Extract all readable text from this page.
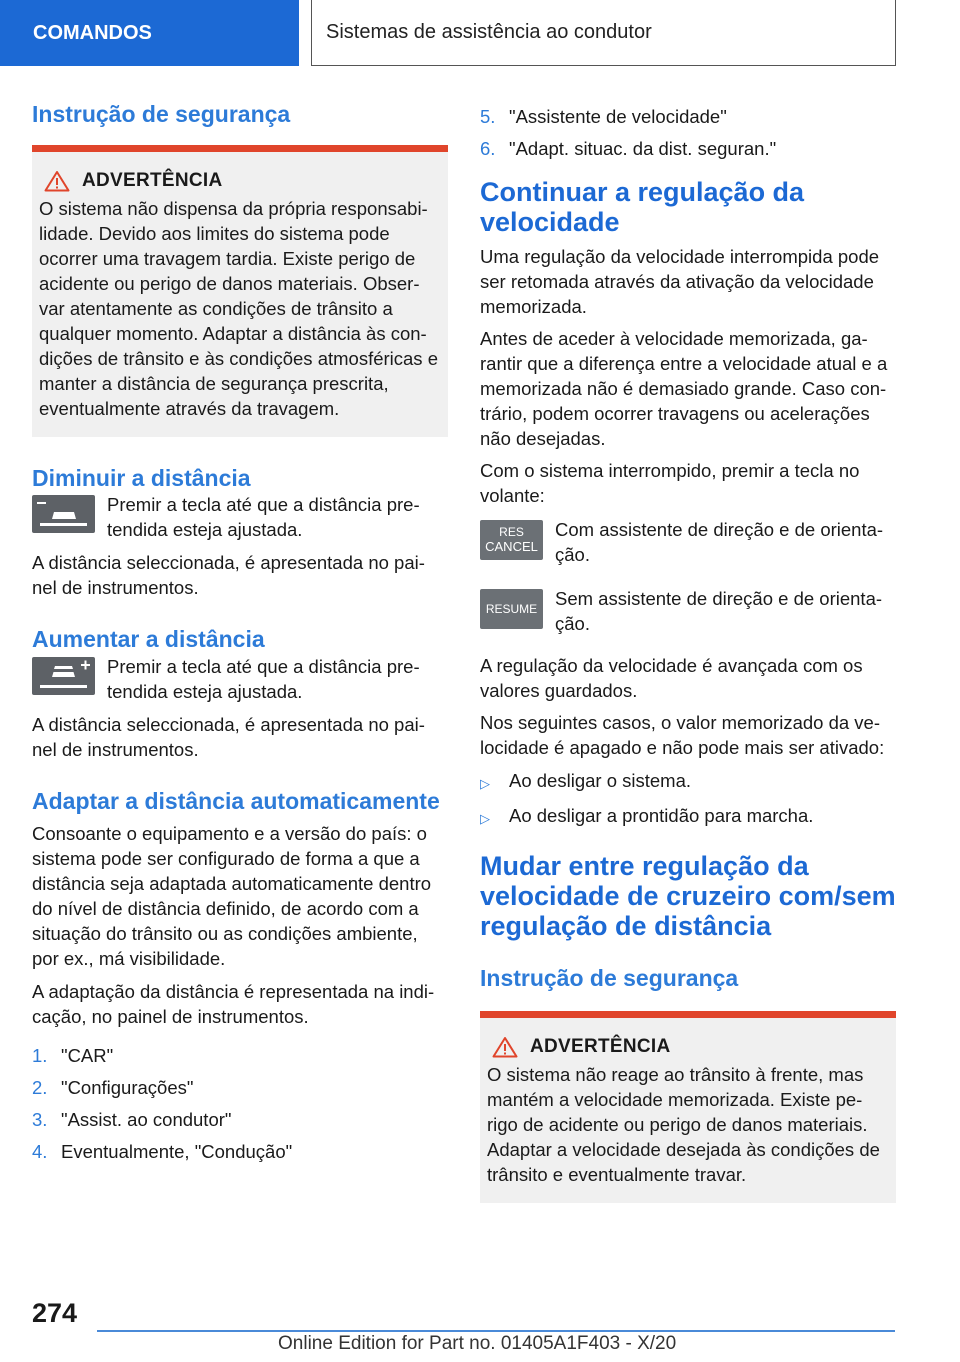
COMANDOS	Sistemas de assistência ao condutor
Instrução de segurança
ADVERTÊNCIA

O sistema não dispensa da própria responsabi-lidade. Devido aos limites do sistema pode ocorrer uma travagem tardia. Existe perigo de acidente ou perigo de danos materiais. Obser-var atentamente as condições de trânsito a qualquer momento. Adaptar a distância às con-dições de trânsito e às condições atmosféricas e manter a distância de segurança prescrita, eventualmente através da travagem.

Diminuir a distância

Premir a tecla até que a distância pre-tendida esteja ajustada.

A distância seleccionada, é apresentada no pai-nel de instrumentos.

Aumentar a distância

Premir a tecla até que a distância pre-tendida esteja ajustada.

A distância seleccionada, é apresentada no pai-nel de instrumentos.

Adaptar a distância automaticamente

Consoante o equipamento e a versão do país: o sistema pode ser configurado de forma a que a distância seja adaptada automaticamente dentro do nível de distância definido, de acordo com a situação do trânsito ou as condições ambiente, por ex., má visibilidade.

A adaptação da distância é representada na indi-cação, no painel de instrumentos.

1. "CAR"
2. "Configurações"
3. "Assist. ao condutor"
4. Eventualmente, "Condução"
5. "Assistente de velocidade"
6. "Adapt. situac. da dist. seguran."
Continuar a regulação da velocidade

Uma regulação da velocidade interrompida pode ser retomada através da ativação da velocidade memorizada.

Antes de aceder à velocidade memorizada, ga-rantir que a diferença entre a velocidade atual e a memorizada não é demasiado grande. Caso con-trário, podem ocorrer travagens ou acelerações não desejadas.

Com o sistema interrompido, premir a tecla no volante:

RES
CANCEL

Com assistente de direção e de orienta-ção.

RESUME Sem assistente de direção e de orienta-ção.

A regulação da velocidade é avançada com os valores guardados.

Nos seguintes casos, o valor memorizado da ve-locidade é apagado e não pode mais ser ativado:

▷	Ao desligar o sistema.
▷	Ao desligar a prontidão para marcha.
Mudar entre regulação da velocidade de cruzeiro com/sem regulação de distância
Instrução de segurança
ADVERTÊNCIA

O sistema não reage ao trânsito à frente, mas mantém a velocidade memorizada. Existe pe-rigo de acidente ou perigo de danos materiais. Adaptar a velocidade desejada às condições de trânsito e eventualmente travar.

274
Online Edition for Part no. 01405A1F403 - X/20
